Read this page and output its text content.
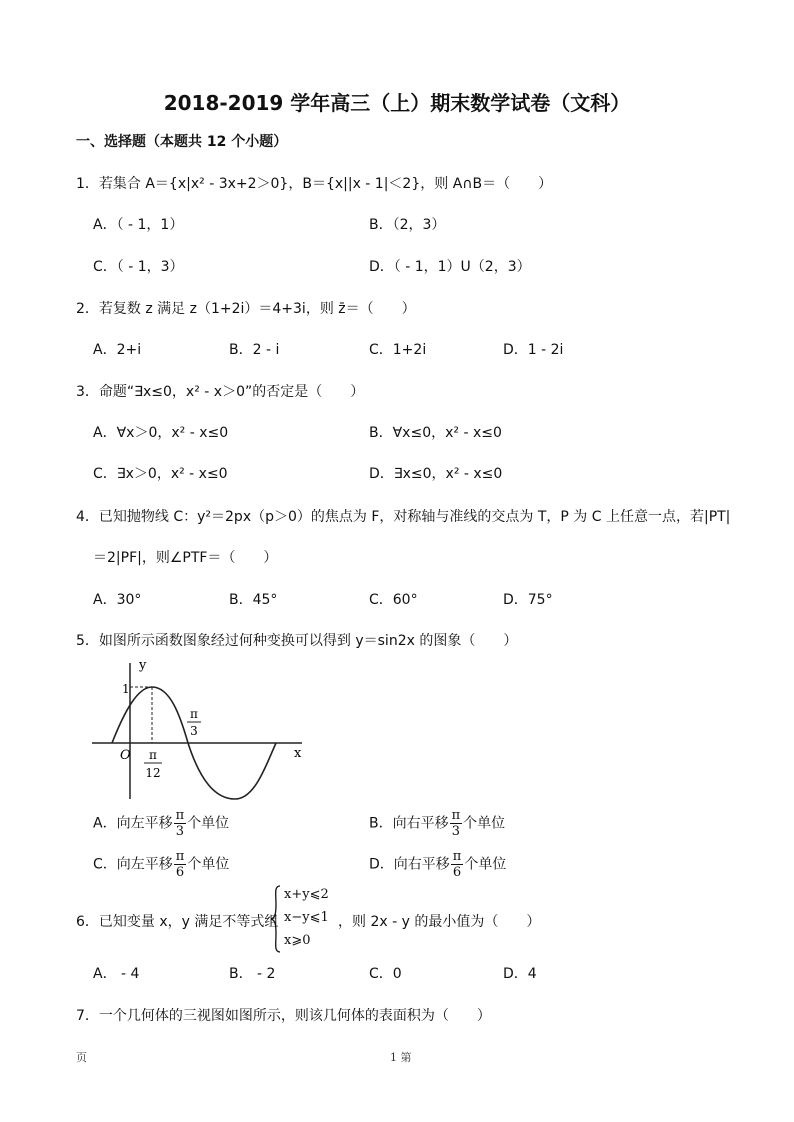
2018-2019 学年高三（上）期末数学试卷（文科）
一、选择题（本题共 12 个小题）
1．若集合 A＝{x|x² - 3x+2＞0}，B＝{x||x - 1|＜2}，则 A∩B＝（　　）
A．（ - 1，1）	B．（2，3）
C．（ - 1，3）	D．（ - 1，1）U（2，3）
2．若复数 z 满足 z（1+2i）＝4+3i，则 z̄＝（　　）
A．2+i	B．2 - i	C．1+2i	D．1 - 2i
3．命题“∃x≤0，x² - x＞0”的否定是（　　）
A．∀x＞0，x² - x≤0	B．∀x≤0，x² - x≤0
C．∃x＞0，x² - x≤0	D．∃x≤0，x² - x≤0
4．已知抛物线 C：y²＝2px（p＞0）的焦点为 F，对称轴与准线的交点为 T，P 为 C 上任意一点，若|PT|
＝2|PF|，则∠PTF＝（　　）
A．30°	B．45°	C．60°	D．75°
5．如图所示函数图象经过何种变换可以得到 y＝sin2x 的图象（　　）
y
x
O
1
π
3
π
12
A．向左平移 $\frac{\pi}{3}$ 个单位	B．向右平移 $\frac{\pi}{3}$ 个单位
C．向左平移 $\frac{\pi}{6}$ 个单位	D．向右平移 $\frac{\pi}{6}$ 个单位
6．已知变量 x，y 满足不等式组
x+y⩽2
x−y⩽1
x⩾0
，则 2x - y 的最小值为（　　）
A． - 4	B． - 2	C．0	D．4
7．一个几何体的三视图如图所示，则该几何体的表面积为（　　）
页	1 第
